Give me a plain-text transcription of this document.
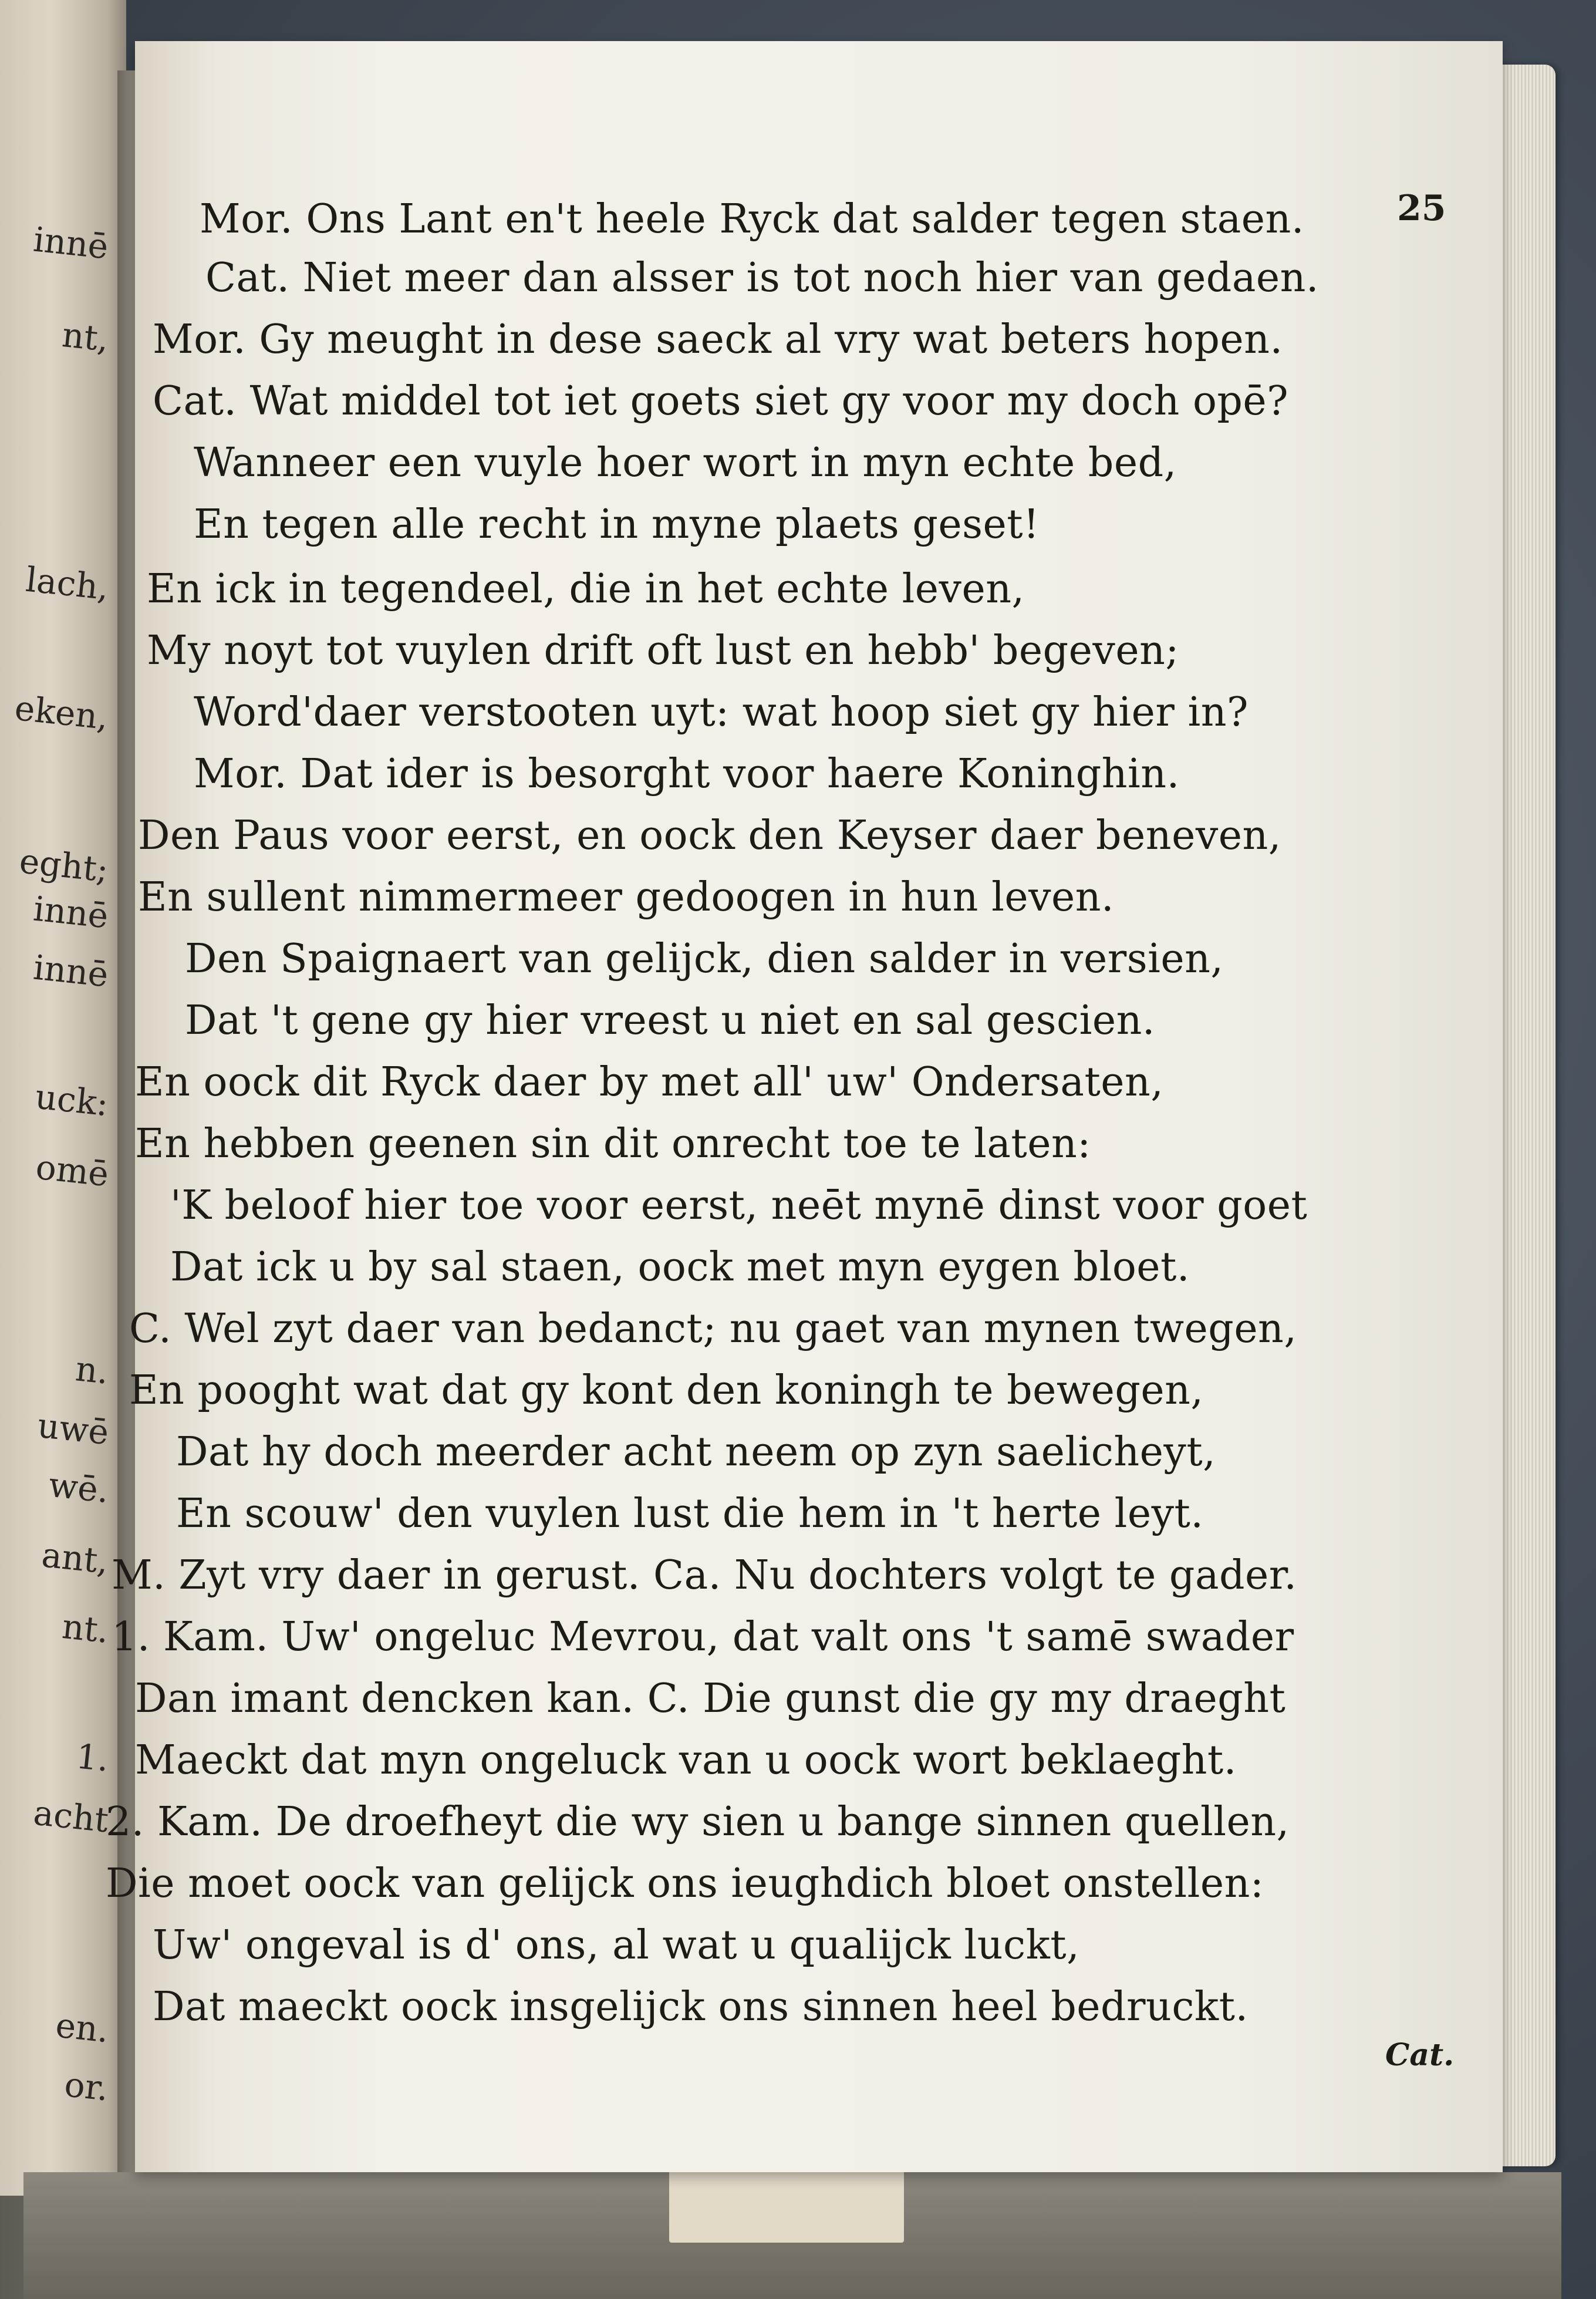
innē
nt,
lach,
eken,
eght;
innē
innē
uck:
omē
n.
uwē
wē.
ant,
nt.
1.
acht
en.
or.
25
Mor. Ons Lant en't heele Ryck dat salder tegen staen.
Cat. Niet meer dan alsser is tot noch hier van gedaen.
Mor. Gy meught in dese saeck al vry wat beters hopen.
Cat. Wat middel tot iet goets siet gy voor my doch opē?
Wanneer een vuyle hoer wort in myn echte bed,
En tegen alle recht in myne plaets geset!
En ick in tegendeel, die in het echte leven,
My noyt tot vuylen drift oft lust en hebb' begeven;
Word'daer verstooten uyt: wat hoop siet gy hier in?
Mor. Dat ider is besorght voor haere Koninghin.
Den Paus voor eerst, en oock den Keyser daer beneven,
En sullent nimmermeer gedoogen in hun leven.
Den Spaignaert van gelijck, dien salder in versien,
Dat 't gene gy hier vreest u niet en sal gescien.
En oock dit Ryck daer by met all' uw' Ondersaten,
En hebben geenen sin dit onrecht toe te laten:
'K beloof hier toe voor eerst, neēt mynē dinst voor goet
Dat ick u by sal staen, oock met myn eygen bloet.
C. Wel zyt daer van bedanct; nu gaet van mynen twegen,
En pooght wat dat gy kont den koningh te bewegen,
Dat hy doch meerder acht neem op zyn saelicheyt,
En scouw' den vuylen lust die hem in 't herte leyt.
M. Zyt vry daer in gerust. Ca. Nu dochters volgt te gader.
1. Kam. Uw' ongeluc Mevrou, dat valt ons 't samē swader
Dan imant dencken kan. C. Die gunst die gy my draeght
Maeckt dat myn ongeluck van u oock wort beklaeght.
2. Kam. De droefheyt die wy sien u bange sinnen quellen,
Die moet oock van gelijck ons ieughdich bloet onstellen:
Uw' ongeval is d' ons, al wat u qualijck luckt,
Dat maeckt oock insgelijck ons sinnen heel bedruckt.
Cat.
